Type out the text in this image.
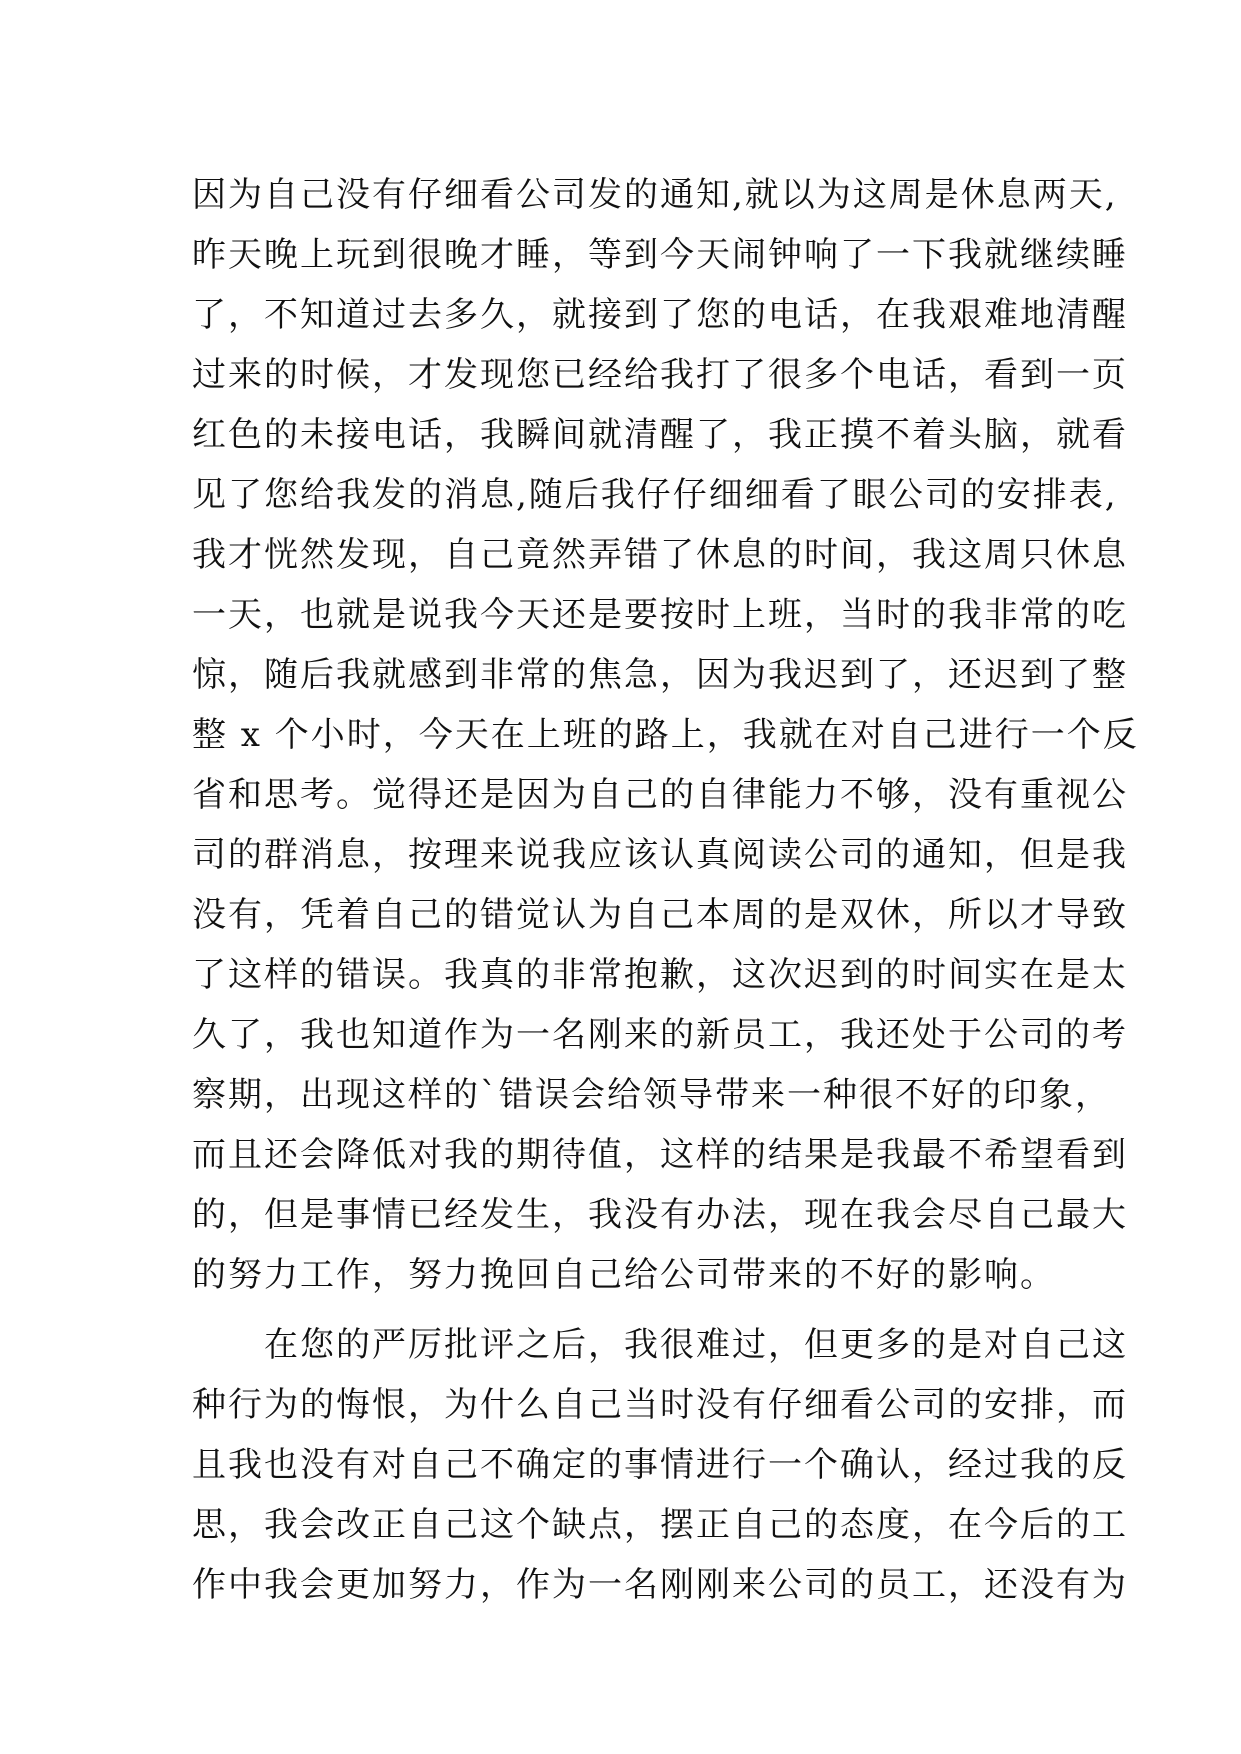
因为自己没有仔细看公司发的通知,就以为这周是休息两天,
昨天晚上玩到很晚才睡，等到今天闹钟响了一下我就继续睡
了，不知道过去多久，就接到了您的电话，在我艰难地清醒
过来的时候，才发现您已经给我打了很多个电话，看到一页
红色的未接电话，我瞬间就清醒了，我正摸不着头脑，就看
见了您给我发的消息,随后我仔仔细细看了眼公司的安排表,
我才恍然发现，自己竟然弄错了休息的时间，我这周只休息
一天，也就是说我今天还是要按时上班，当时的我非常的吃
惊，随后我就感到非常的焦急，因为我迟到了，还迟到了整
整 x 个小时，今天在上班的路上，我就在对自己进行一个反
省和思考。觉得还是因为自己的自律能力不够，没有重视公
司的群消息，按理来说我应该认真阅读公司的通知，但是我
没有，凭着自己的错觉认为自己本周的是双休，所以才导致
了这样的错误。我真的非常抱歉，这次迟到的时间实在是太
久了，我也知道作为一名刚来的新员工，我还处于公司的考
察期，出现这样的`错误会给领导带来一种很不好的印象，
而且还会降低对我的期待值，这样的结果是我最不希望看到
的，但是事情已经发生，我没有办法，现在我会尽自己最大
的努力工作，努力挽回自己给公司带来的不好的影响。
　　在您的严厉批评之后，我很难过，但更多的是对自己这
种行为的悔恨，为什么自己当时没有仔细看公司的安排，而
且我也没有对自己不确定的事情进行一个确认，经过我的反
思，我会改正自己这个缺点，摆正自己的态度，在今后的工
作中我会更加努力，作为一名刚刚来公司的员工，还没有为
